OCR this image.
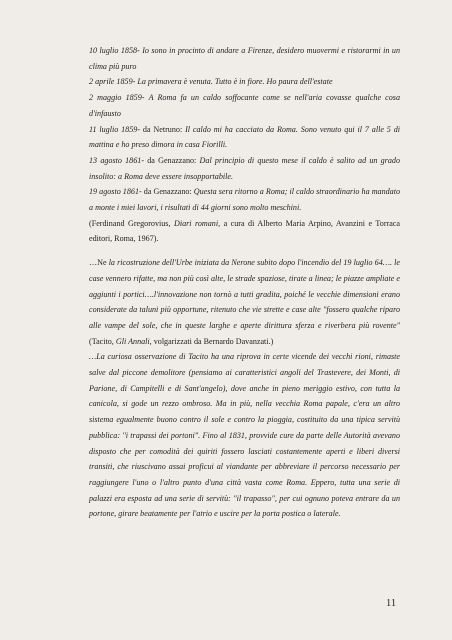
10 luglio 1858- Io sono in procinto di andare a Firenze, desidero muovermi e ristorarmi in un clima più puro

2 aprile 1859- La primavera è venuta. Tutto è in fiore. Ho paura dell'estate

2 maggio 1859- A Roma fa un caldo soffocante come se nell'aria covasse qualche cosa d'infausto

11 luglio 1859- da Netruno: Il caldo mi ha cacciato da Roma. Sono venuto qui il 7 alle 5 di mattina e ho preso dimora in casa Fiorilli.

13 agosto 1861- da Genazzano: Dal principio di questo mese il caldo è salito ad un grado insolito: a Roma deve essere insopportabile.

19 agosto 1861- da Genazzano: Questa sera ritorno a Roma; il caldo straordinario ha mandato a monte i miei lavori, i risultati di 44 giorni sono molto meschini.

(Ferdinand Gregorovius, Diari romani, a cura di Alberto Maria Arpino, Avanzini e Torraca editori, Roma, 1967).

…Ne la ricostruzione dell'Urbe iniziata da Nerone subito dopo l'incendio del 19 luglio 64…. le case vennero rifatte, ma non più così alte, le strade spaziose, tirate a linea; le piazze ampliate e aggiunti i portici….l'innovazione non tornò a tutti gradita, poiché le vecchie dimensioni erano considerate da taluni più opportune, ritenuto che vie strette e case alte "fossero qualche riparo alle vampe del sole, che in queste larghe e aperte dirittura sferza e riverbera più rovente"(Tacito, Gli Annali, volgarizzati da Bernardo Davanzati.)

…La curiosa osservazione di Tacito ha una riprova in certe vicende dei vecchi rioni, rimaste salve dal piccone demolitore (pensiamo ai caratteristici angoli del Trastevere, dei Monti, di Parione, di Campitelli e di Sant'angelo), dove anche in pieno meriggio estivo, con tutta la canicola, si gode un rezzo ombroso. Ma in più, nella vecchia Roma papale, c'era un altro sistema egualmente buono contro il sole e contro la pioggia, costituito da una tipica servitù pubblica: "i trapassi dei portoni". Fino al 1831, provvide cure da parte delle Autorità avevano disposto che per comodità dei quiriti fossero lasciati costantemente aperti e liberi diversi transiti, che riuscivano assai proficui al viandante per abbreviare il percorso necessario per raggiungere l'uno o l'altro punto d'una città vasta come Roma. Eppero, tutta una serie di palazzi era esposta ad una serie di servitù: "il trapasso", per cui ognuno poteva entrare da un portone, girare beatamente per l'atrio e uscire per la porta postica o laterale.

11
